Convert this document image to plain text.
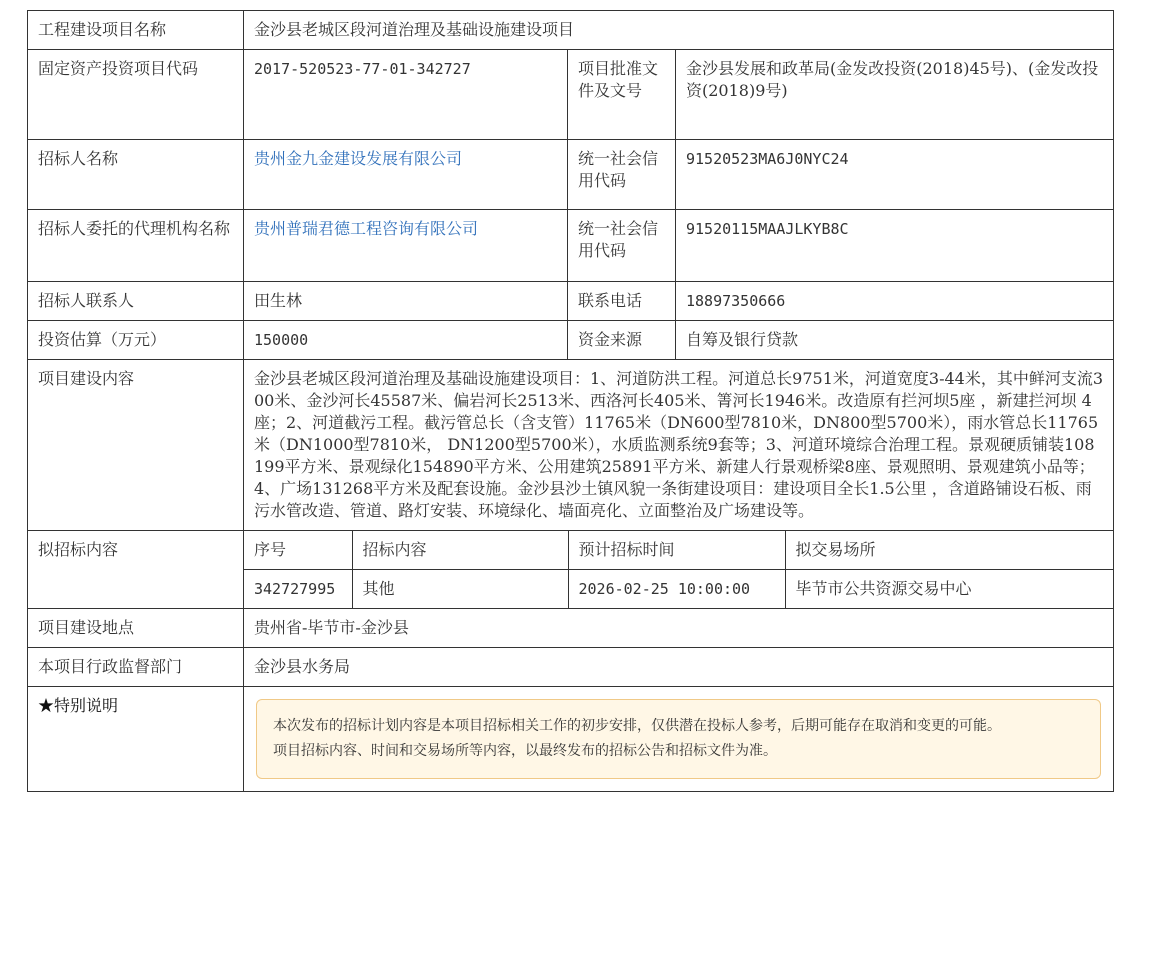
工程建设项目名称	金沙县老城区段河道治理及基础设施建设项目
固定资产投资项目代码	2017-520523-77-01-342727	项目批准文件及文号	金沙县发展和政革局(金发改投资(2018)45号)、(金发改投资(2018)9号)
招标人名称	贵州金九金建设发展有限公司	统一社会信用代码	91520523MA6J0NYC24
招标人委托的代理机构名称	贵州普瑞君德工程咨询有限公司	统一社会信用代码	91520115MAAJLKYB8C
招标人联系人	田生林	联系电话	18897350666
投资估算（万元）	150000	资金来源	自筹及银行贷款
项目建设内容	金沙县老城区段河道治理及基础设施建设项目：1、河道防洪工程。河道总长9751米，河道宽度3-44米，其中鲜河支流300米、金沙河长45587米、偏岩河长2513米、西洛河长405米、箐河长1946米。改造原有拦河坝5座 ，新建拦河坝 4 座；2、河道截污工程。截污管总长（含支管）11765米（DN600型7810米，DN800型5700米），雨水管总长11765米（DN1000型7810米， DN1200型5700米），水质监测系统9套等；3、河道环境综合治理工程。景观硬质铺装108199平方米、景观绿化154890平方米、公用建筑25891平方米、新建人行景观桥梁8座、景观照明、景观建筑小品等；4、广场131268平方米及配套设施。金沙县沙土镇风貌一条街建设项目：建设项目全长1.5公里 ，含道路铺设石板、雨污水管改造、管道、路灯安装、环境绿化、墙面亮化、立面整治及广场建设等。
拟招标内容		序号	招标内容	预计招标时间	拟交易场所
342727995	其他	2026-02-25 10:00:00	毕节市公共资源交易中心

项目建设地点	贵州省-毕节市-金沙县
本项目行政监督部门	金沙县水务局
★特别说明	
本次发布的招标计划内容是本项目招标相关工作的初步安排，仅供潜在投标人参考，后期可能存在取消和变更的可能。
项目招标内容、时间和交易场所等内容，以最终发布的招标公告和招标文件为准。
